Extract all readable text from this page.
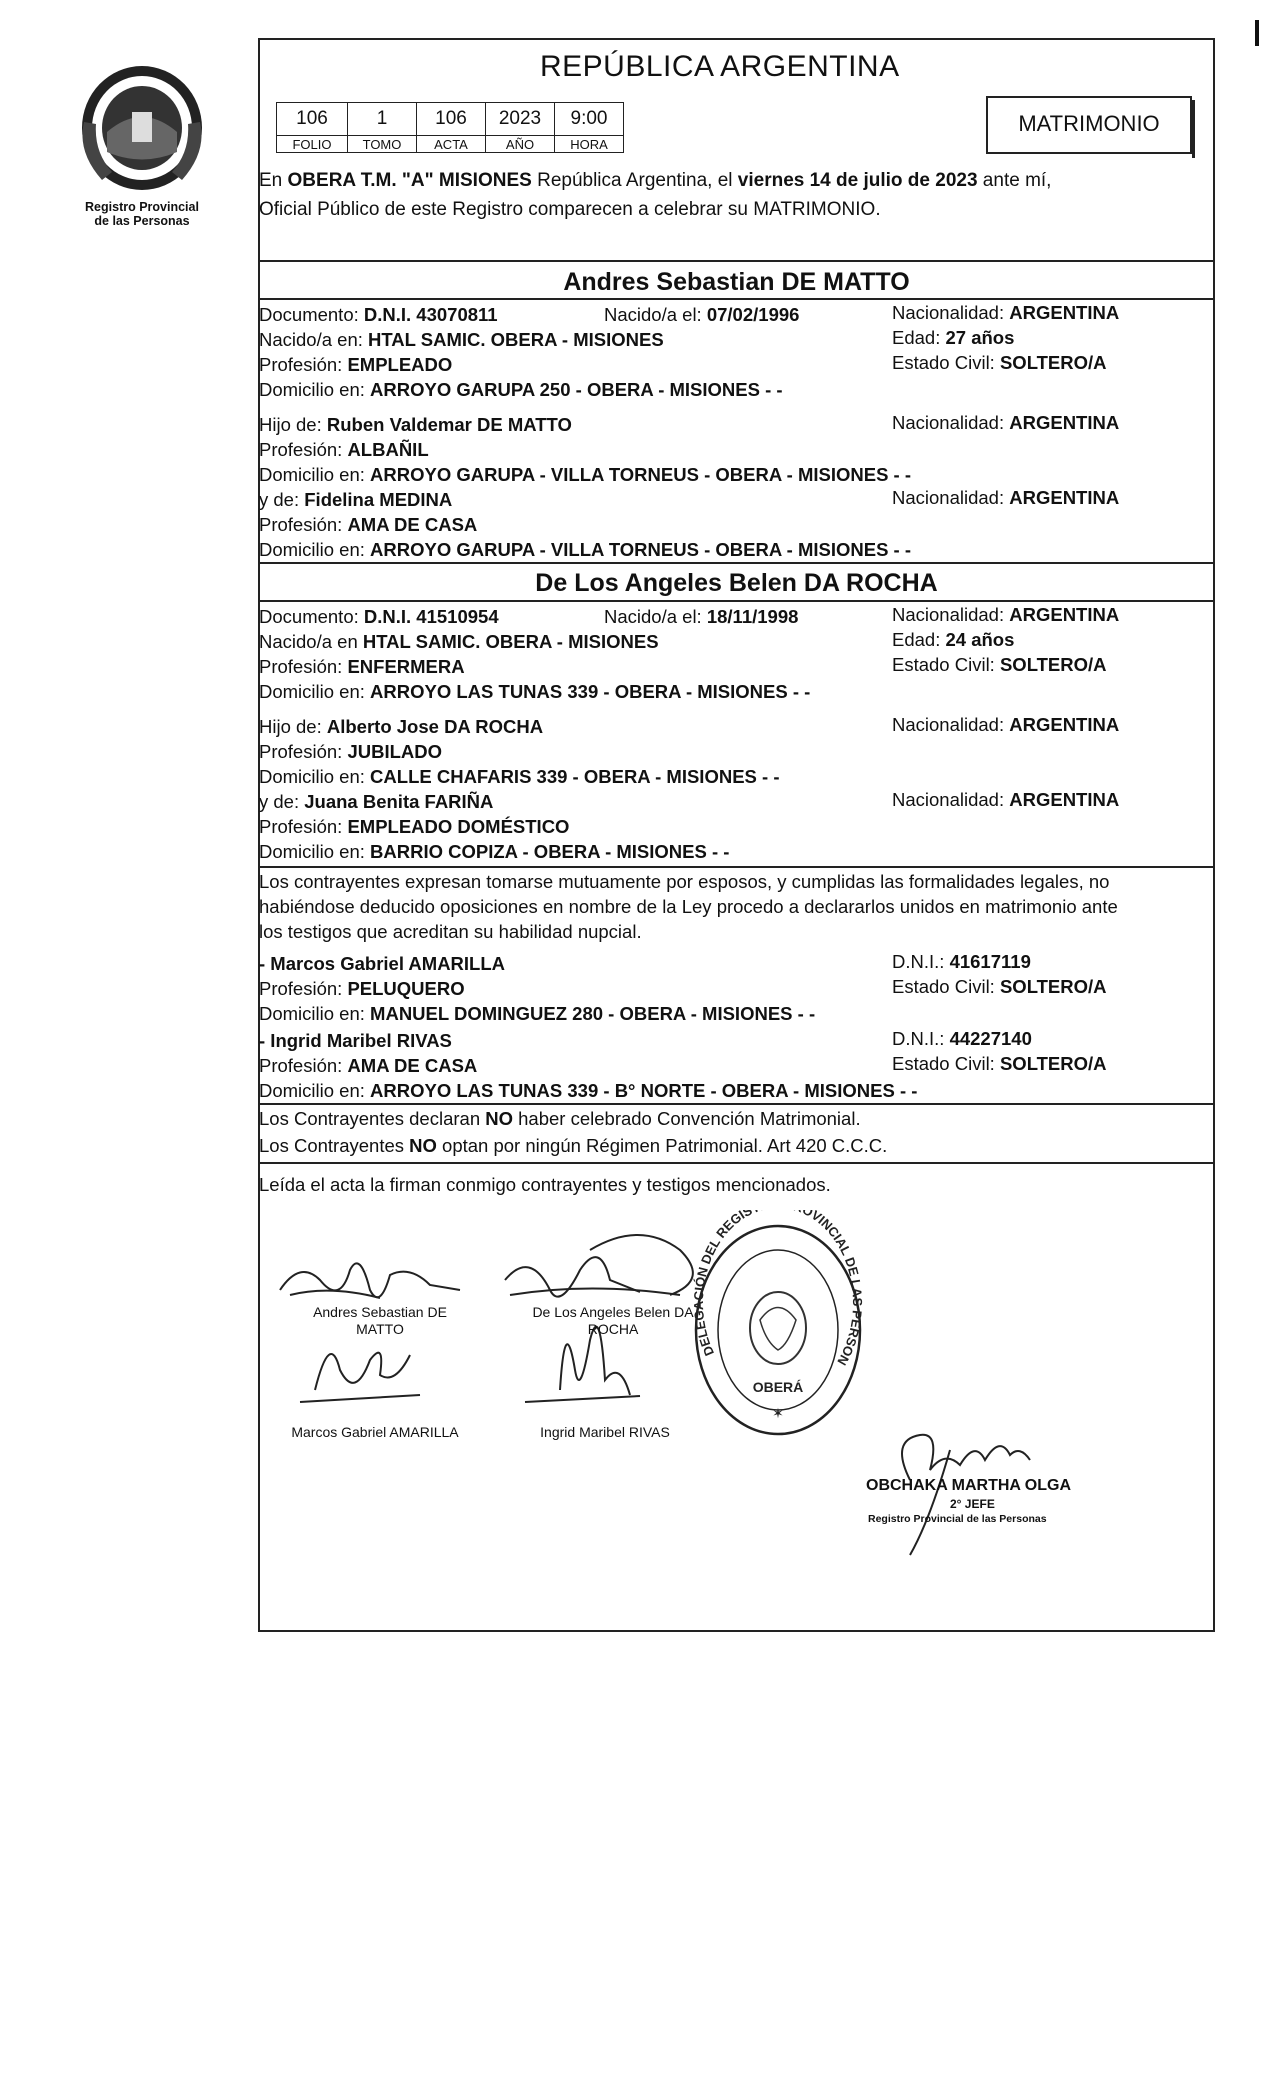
Registro Provincial
de las Personas
REPÚBLICA ARGENTINA
106	1	106	2023	9:00
FOLIO	TOMO	ACTA	AÑO	HORA
MATRIMONIO
En OBERA T.M. "A" MISIONES República Argentina, el viernes 14 de julio de 2023 ante mí,
Oficial Público de este Registro comparecen a celebrar su MATRIMONIO.
Andres Sebastian DE MATTO
Documento: D.N.I. 43070811	Nacido/a el: 07/02/1996	Nacionalidad: ARGENTINA
Nacido/a en: HTAL SAMIC. OBERA - MISIONES	Edad: 27 años
Profesión: EMPLEADO	Estado Civil: SOLTERO/A
Domicilio en: ARROYO GARUPA 250 - OBERA - MISIONES - -
Hijo de: Ruben Valdemar DE MATTO	Nacionalidad: ARGENTINA
Profesión: ALBAÑIL
Domicilio en: ARROYO GARUPA - VILLA TORNEUS - OBERA - MISIONES - -
y de: Fidelina MEDINA	Nacionalidad: ARGENTINA
Profesión: AMA DE CASA
Domicilio en: ARROYO GARUPA - VILLA TORNEUS - OBERA - MISIONES - -
De Los Angeles Belen DA ROCHA
Documento: D.N.I. 41510954	Nacido/a el: 18/11/1998	Nacionalidad: ARGENTINA
Nacido/a en HTAL SAMIC. OBERA - MISIONES	Edad: 24 años
Profesión: ENFERMERA	Estado Civil: SOLTERO/A
Domicilio en: ARROYO LAS TUNAS 339 - OBERA - MISIONES - -
Hijo de: Alberto Jose DA ROCHA	Nacionalidad: ARGENTINA
Profesión: JUBILADO
Domicilio en: CALLE CHAFARIS 339 - OBERA - MISIONES - -
y de: Juana Benita FARIÑA	Nacionalidad: ARGENTINA
Profesión: EMPLEADO DOMÉSTICO
Domicilio en: BARRIO COPIZA - OBERA - MISIONES - -
Los contrayentes expresan tomarse mutuamente por esposos, y cumplidas las formalidades legales, no
habiéndose deducido oposiciones en nombre de la Ley procedo a declararlos unidos en matrimonio ante
los testigos que acreditan su habilidad nupcial.
- Marcos Gabriel AMARILLA	D.N.I.: 41617119
Profesión: PELUQUERO	Estado Civil: SOLTERO/A
Domicilio en: MANUEL DOMINGUEZ 280 - OBERA - MISIONES - -
- Ingrid Maribel RIVAS	D.N.I.: 44227140
Profesión: AMA DE CASA	Estado Civil: SOLTERO/A
Domicilio en: ARROYO LAS TUNAS 339 - B° NORTE - OBERA - MISIONES - -
Los Contrayentes declaran NO haber celebrado Convención Matrimonial.
Los Contrayentes NO optan por ningún Régimen Patrimonial. Art 420 C.C.C.
Leída el acta la firman conmigo contrayentes y testigos mencionados.
Andres Sebastian DE
MATTO
De Los Angeles Belen DA
ROCHA
Marcos Gabriel AMARILLA	Ingrid Maribel RIVAS
DELEGACIÓN DEL REGIS OVINCIAL DE LAS PERSON
OBERÁ
✶
OBCHAKA MARTHA OLGA
2° JEFE
Registro Provincial de las Personas
